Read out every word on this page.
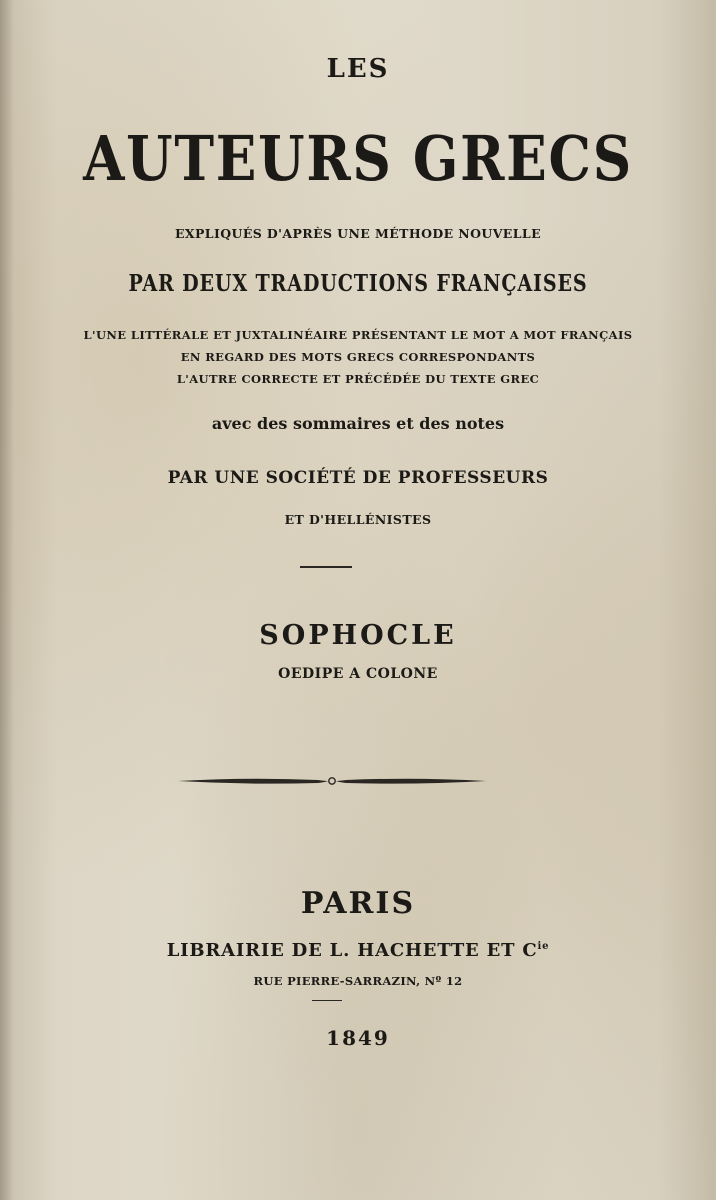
LES
AUTEURS GRECS
EXPLIQUÉS D'APRÈS UNE MÉTHODE NOUVELLE
PAR DEUX TRADUCTIONS FRANÇAISES
L'UNE LITTÉRALE ET JUXTALINÉAIRE PRÉSENTANT LE MOT A MOT FRANÇAIS
EN REGARD DES MOTS GRECS CORRESPONDANTS
L'AUTRE CORRECTE ET PRÉCÉDÉE DU TEXTE GREC
avec des sommaires et des notes
PAR UNE SOCIÉTÉ DE PROFESSEURS
ET D'HELLÉNISTES
SOPHOCLE
OEDIPE A COLONE
PARIS
LIBRAIRIE DE L. HACHETTE ET $C^{ie}$
RUE PIERRE-SARRAZIN, Nº 12
1849
